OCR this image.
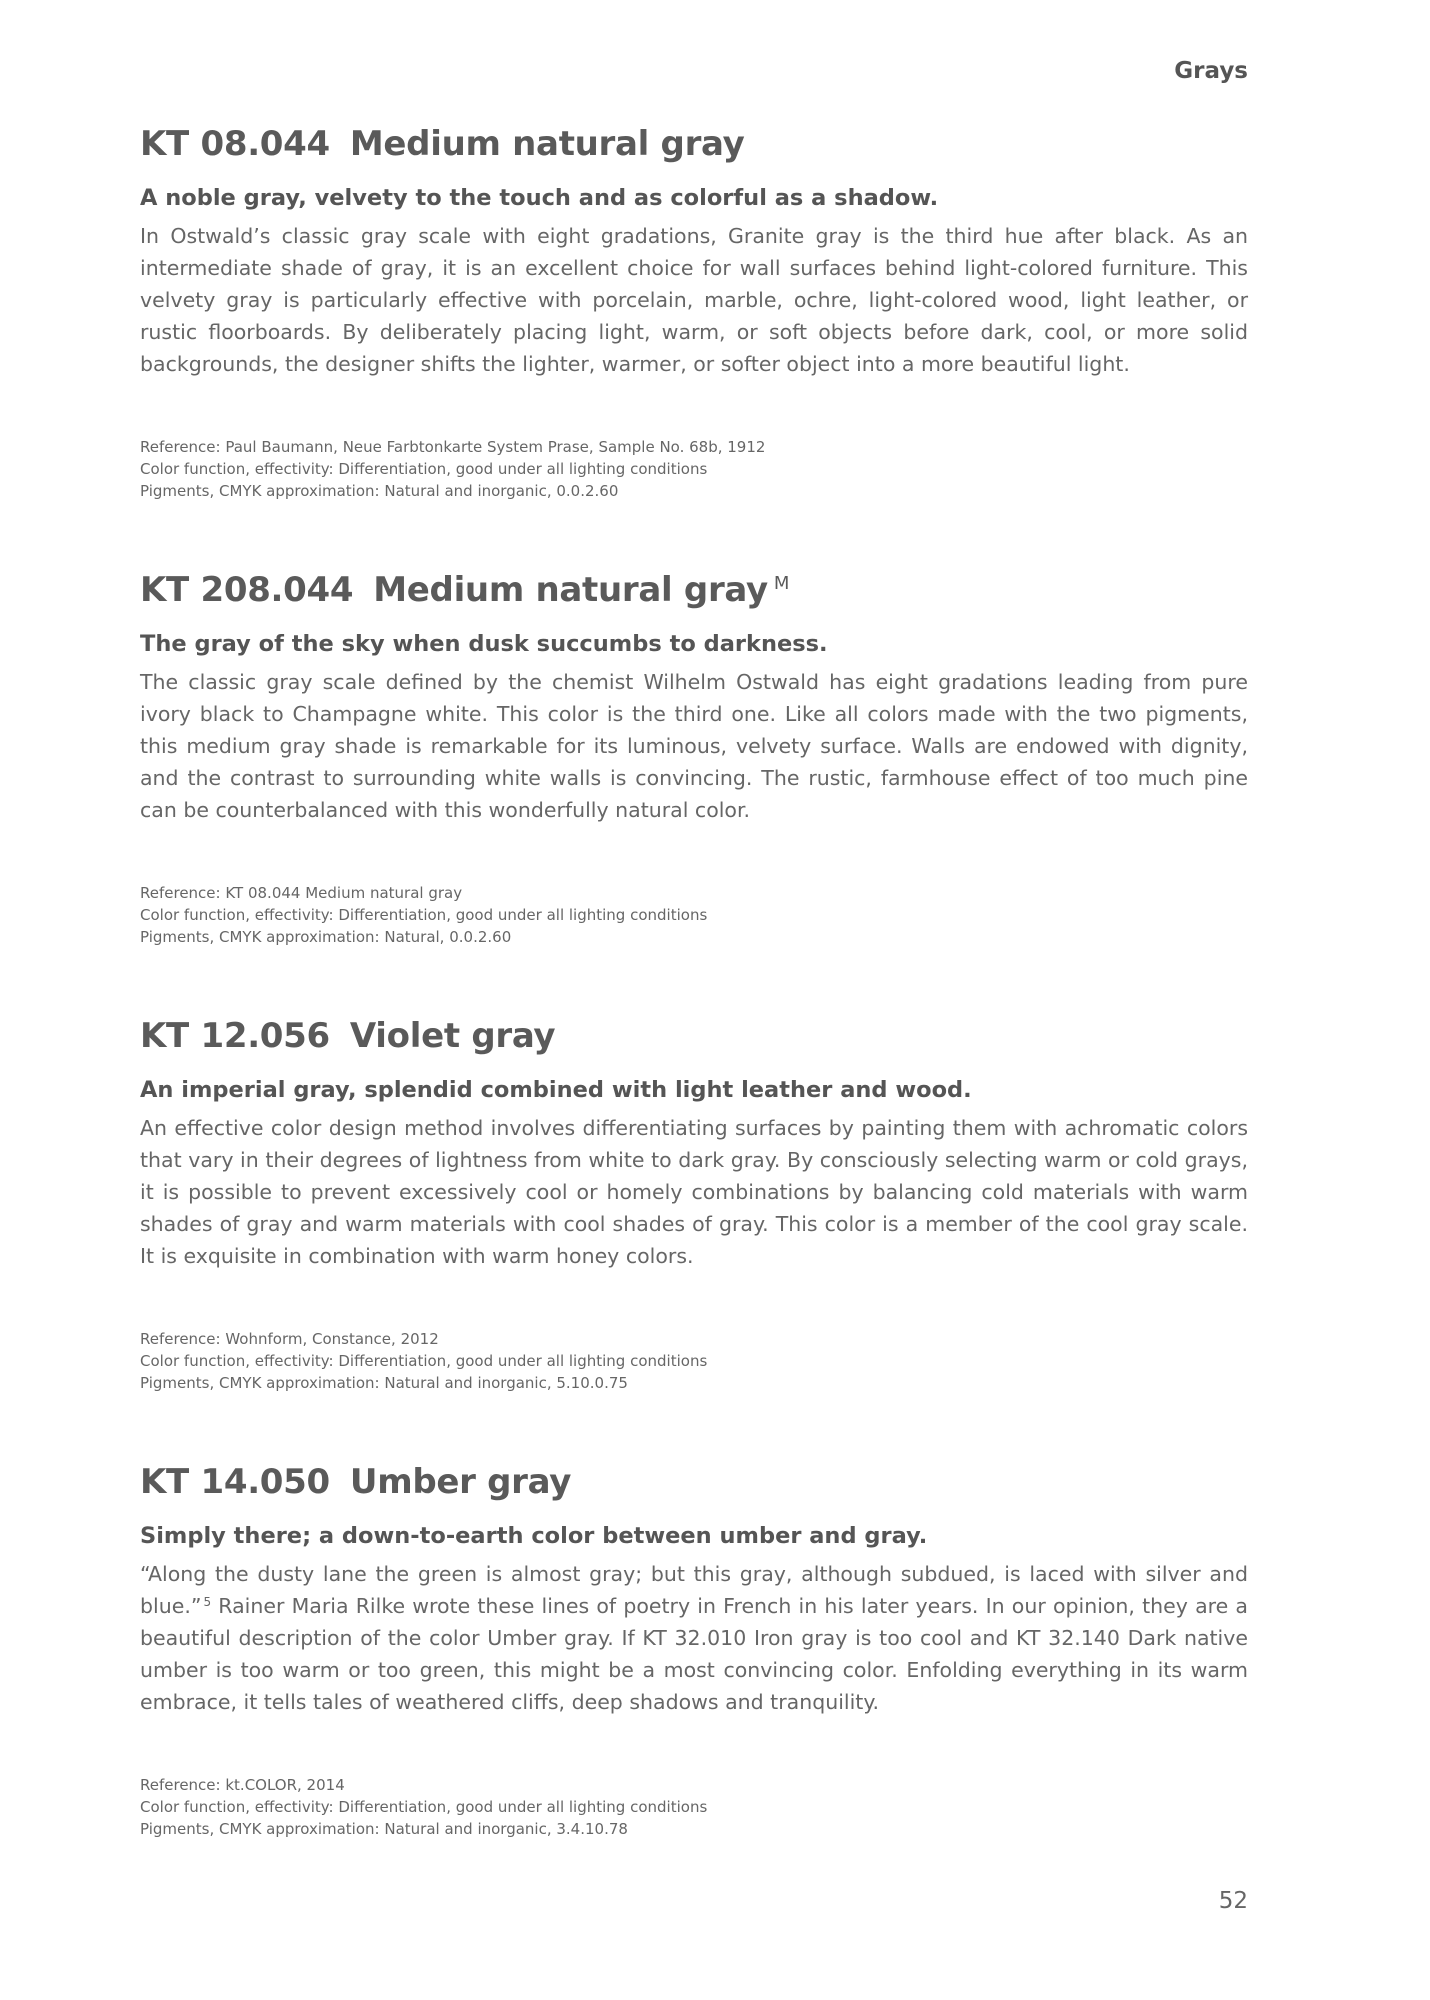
Grays
KT 08.044 Medium natural gray

A noble gray, velvety to the touch and as colorful as a shadow.

In Ostwald’s classic gray scale with eight gradations, Granite gray is the third hue after black. As an intermediate shade of gray, it is an excellent choice for wall surfaces behind light-colored furniture. This velvety gray is particularly effective with porcelain, marble, ochre, light-colored wood, light leather, or rustic floorboards. By deliberately placing light, warm, or soft objects before dark, cool, or more solid backgrounds, the designer shifts the lighter, warmer, or softer object into a more beautiful light.

Reference: Paul Baumann, Neue Farbtonkarte System Prase, Sample No. 68b, 1912
Color function, effectivity: Differentiation, good under all lighting conditions
Pigments, CMYK approximation: Natural and inorganic, 0.0.2.60
KT 208.044 Medium natural gray $^M$

The gray of the sky when dusk succumbs to darkness.

The classic gray scale defined by the chemist Wilhelm Ostwald has eight gradations leading from pure ivory black to Champagne white. This color is the third one. Like all colors made with the two pigments, this medium gray shade is remarkable for its luminous, velvety surface. Walls are endowed with dignity, and the contrast to surrounding white walls is convincing. The rustic, farmhouse effect of too much pine can be counterbalanced with this wonderfully natural color.

Reference: KT 08.044 Medium natural gray
Color function, effectivity: Differentiation, good under all lighting conditions
Pigments, CMYK approximation: Natural, 0.0.2.60
KT 12.056 Violet gray

An imperial gray, splendid combined with light leather and wood.

An effective color design method involves differentiating surfaces by painting them with achromatic colors that vary in their degrees of lightness from white to dark gray. By consciously selecting warm or cold grays, it is possible to prevent excessively cool or homely combinations by balancing cold materials with warm shades of gray and warm materials with cool shades of gray. This color is a member of the cool gray scale. It is exquisite in combination with warm honey colors.

Reference: Wohnform, Constance, 2012
Color function, effectivity: Differentiation, good under all lighting conditions
Pigments, CMYK approximation: Natural and inorganic, 5.10.0.75
KT 14.050 Umber gray

Simply there; a down-to-earth color between umber and gray.

“Along the dusty lane the green is almost gray; but this gray, although subdued, is laced with silver and blue.” $^5$ Rainer Maria Rilke wrote these lines of poetry in French in his later years. In our opinion, they are a beautiful description of the color Umber gray. If KT 32.010 Iron gray is too cool and KT 32.140 Dark native umber is too warm or too green, this might be a most convincing color. Enfolding everything in its warm embrace, it tells tales of weathered cliffs, deep shadows and tranquility.

Reference: kt.COLOR, 2014
Color function, effectivity: Differentiation, good under all lighting conditions
Pigments, CMYK approximation: Natural and inorganic, 3.4.10.78
52
